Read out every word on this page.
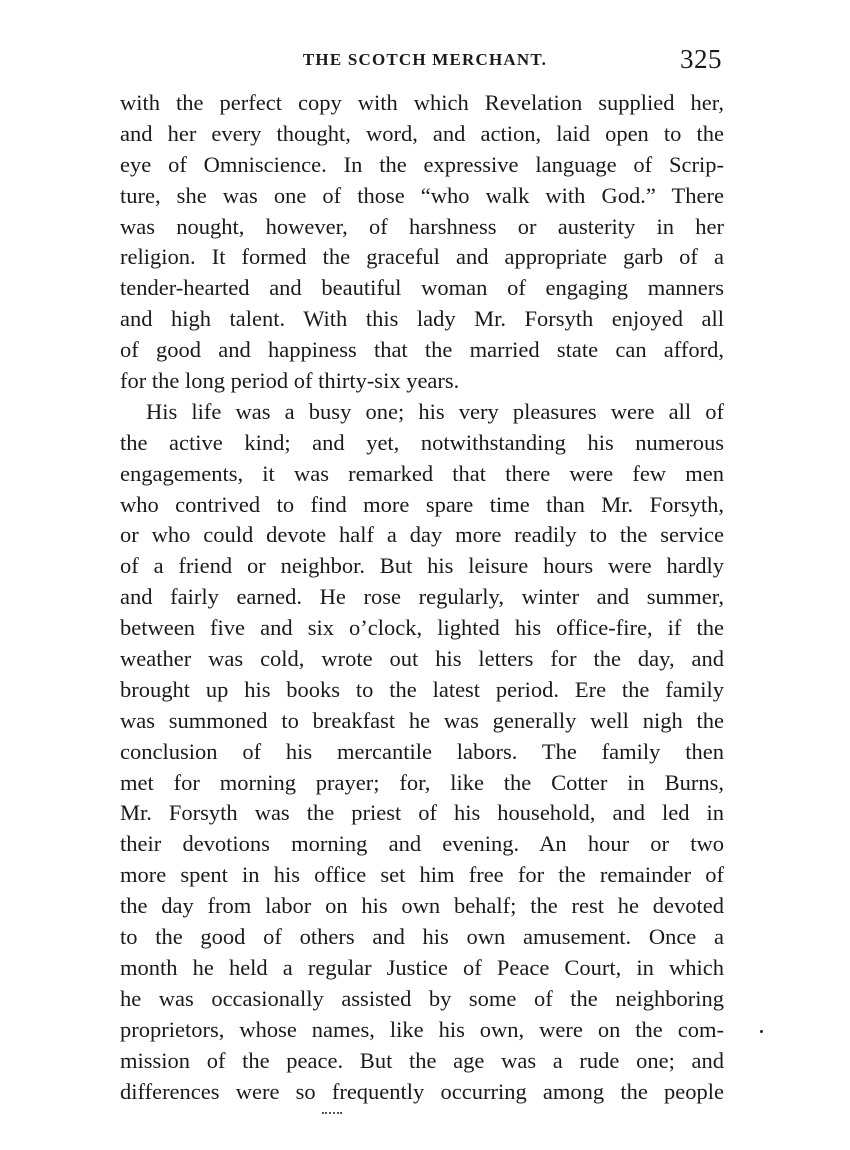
THE SCOTCH MERCHANT.	325
with the perfect copy with which Revelation supplied her,
and her every thought, word, and action, laid open to the
eye of Omniscience. In the expressive language of Scrip-
ture, she was one of those “who walk with God.” There
was nought, however, of harshness or austerity in her
religion. It formed the graceful and appropriate garb of a
tender-hearted and beautiful woman of engaging manners
and high talent. With this lady Mr. Forsyth enjoyed all
of good and happiness that the married state can afford,
for the long period of thirty-six years.
His life was a busy one; his very pleasures were all of
the active kind; and yet, notwithstanding his numerous
engagements, it was remarked that there were few men
who contrived to find more spare time than Mr. Forsyth,
or who could devote half a day more readily to the service
of a friend or neighbor. But his leisure hours were hardly
and fairly earned. He rose regularly, winter and summer,
between five and six o’clock, lighted his office-fire, if the
weather was cold, wrote out his letters for the day, and
brought up his books to the latest period. Ere the family
was summoned to breakfast he was generally well nigh the
conclusion of his mercantile labors. The family then
met for morning prayer; for, like the Cotter in Burns,
Mr. Forsyth was the priest of his household, and led in
their devotions morning and evening. An hour or two
more spent in his office set him free for the remainder of
the day from labor on his own behalf; the rest he devoted
to the good of others and his own amusement. Once a
month he held a regular Justice of Peace Court, in which
he was occasionally assisted by some of the neighboring
proprietors, whose names, like his own, were on the com-
mission of the peace. But the age was a rude one; and
differences were so frequently occurring among the people
